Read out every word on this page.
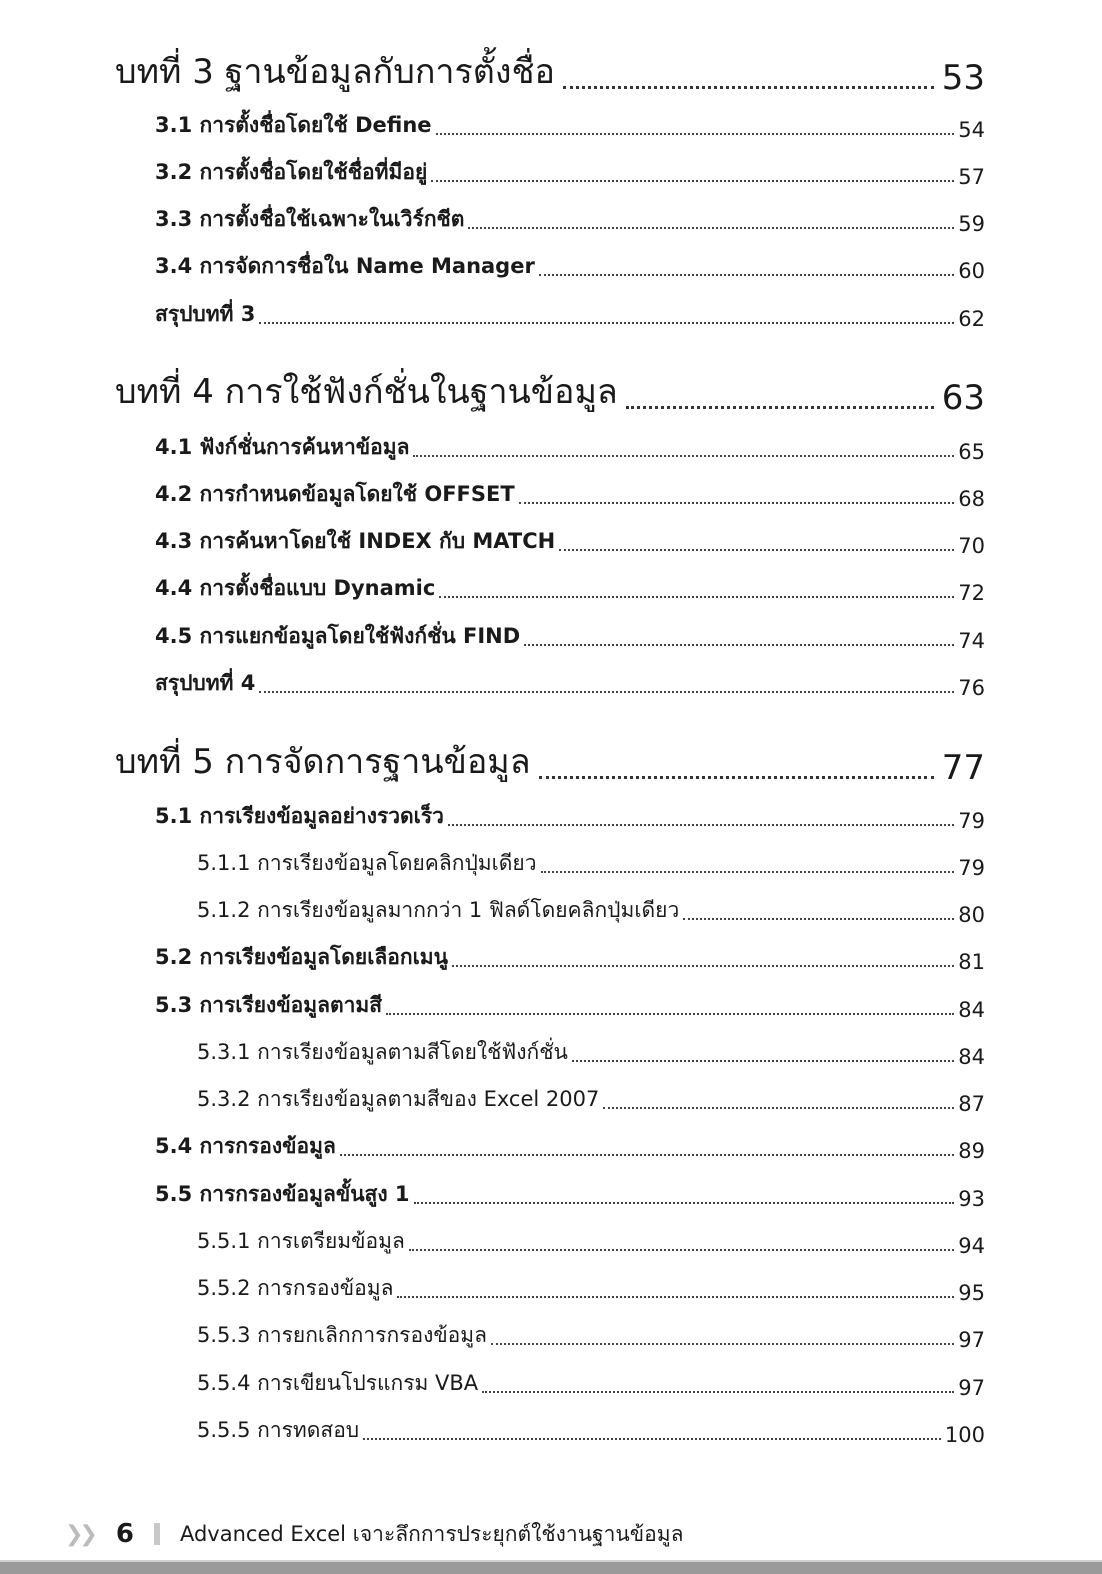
บทที่ 3 ฐานข้อมูลกับการตั้งชื่อ	53
3.1 การตั้งชื่อโดยใช้ Define	54
3.2 การตั้งชื่อโดยใช้ชื่อที่มีอยู่	57
3.3 การตั้งชื่อใช้เฉพาะในเวิร์กชีต	59
3.4 การจัดการชื่อใน Name Manager	60
สรุปบทที่ 3	62
บทที่ 4 การใช้ฟังก์ชั่นในฐานข้อมูล	63
4.1 ฟังก์ชั่นการค้นหาข้อมูล	65
4.2 การกำหนดข้อมูลโดยใช้ OFFSET	68
4.3 การค้นหาโดยใช้ INDEX กับ MATCH	70
4.4 การตั้งชื่อแบบ Dynamic	72
4.5 การแยกข้อมูลโดยใช้ฟังก์ชั่น FIND	74
สรุปบทที่ 4	76
บทที่ 5 การจัดการฐานข้อมูล	77
5.1 การเรียงข้อมูลอย่างรวดเร็ว	79
5.1.1 การเรียงข้อมูลโดยคลิกปุ่มเดียว	79
5.1.2 การเรียงข้อมูลมากกว่า 1 ฟิลด์โดยคลิกปุ่มเดียว	80
5.2 การเรียงข้อมูลโดยเลือกเมนู	81
5.3 การเรียงข้อมูลตามสี	84
5.3.1 การเรียงข้อมูลตามสีโดยใช้ฟังก์ชั่น	84
5.3.2 การเรียงข้อมูลตามสีของ Excel 2007	87
5.4 การกรองข้อมูล	89
5.5 การกรองข้อมูลขั้นสูง 1	93
5.5.1 การเตรียมข้อมูล	94
5.5.2 การกรองข้อมูล	95
5.5.3 การยกเลิกการกรองข้อมูล	97
5.5.4 การเขียนโปรแกรม VBA	97
5.5.5 การทดสอบ	100
❯❯ 6 Advanced Excel เจาะลึกการประยุกต์ใช้งานฐานข้อมูล
